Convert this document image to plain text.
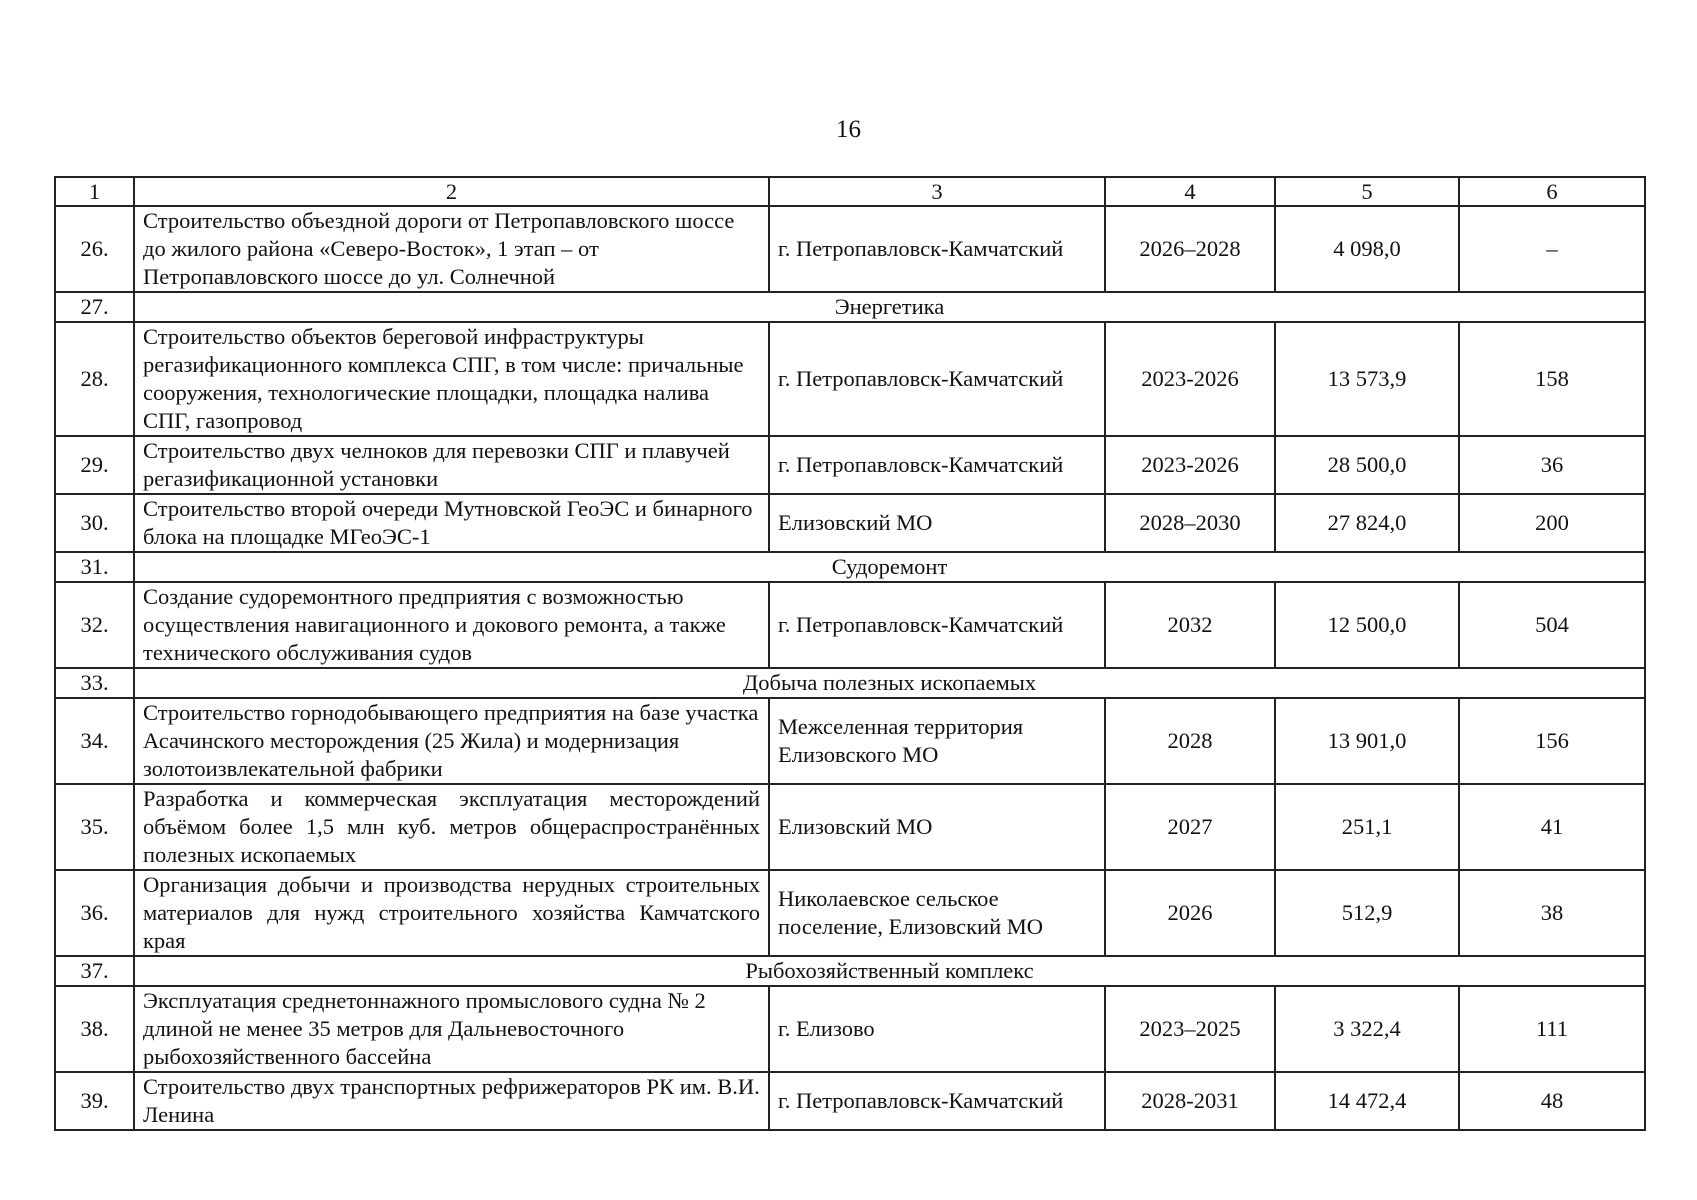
16
1	2	3	4	5	6
26.	Строительство объездной дороги от Петропавловского шоссе до жилого района «Северо-Восток», 1 этап – от Петропавловского шоссе до ул. Солнечной	г. Петропавловск-Камчатский	2026–2028	4 098,0	–
27.	Энергетика				
28.	Строительство объектов береговой инфраструктуры регазификационного комплекса СПГ, в том числе: причальные сооружения, технологические площадки, площадка налива СПГ, газопровод	г. Петропавловск-Камчатский	2023-2026	13 573,9	158
29.	Строительство двух челноков для перевозки СПГ и плавучей регазификационной установки	г. Петропавловск-Камчатский	2023-2026	28 500,0	36
30.	Строительство второй очереди Мутновской ГеоЭС и бинарного блока на площадке МГеоЭС-1	Елизовский МО	2028–2030	27 824,0	200
31.	Судоремонт				
32.	Создание судоремонтного предприятия с возможностью осуществления навигационного и докового ремонта, а также технического обслуживания судов	г. Петропавловск-Камчатский	2032	12 500,0	504
33.	Добыча полезных ископаемых				
34.	Строительство горнодобывающего предприятия на базе участка Асачинского месторождения (25 Жила) и модернизация золотоизвлекательной фабрики	Межселенная территория Елизовского МО	2028	13 901,0	156
35.	Разработка и коммерческая эксплуатация месторождений объёмом более 1,5 млн куб. метров общераспространённых полезных ископаемых	Елизовский МО	2027	251,1	41
36.	Организация добычи и производства нерудных строительных материалов для нужд строительного хозяйства Камчатского края	Николаевское сельское поселение, Елизовский МО	2026	512,9	38
37.	Рыбохозяйственный комплекс				
38.	Эксплуатация среднетоннажного промыслового судна № 2 длиной не менее 35 метров для Дальневосточного рыбохозяйственного бассейна	г. Елизово	2023–2025	3 322,4	111
39.	Строительство двух транспортных рефрижераторов РК им. В.И. Ленина	г. Петропавловск-Камчатский	2028-2031	14 472,4	48
